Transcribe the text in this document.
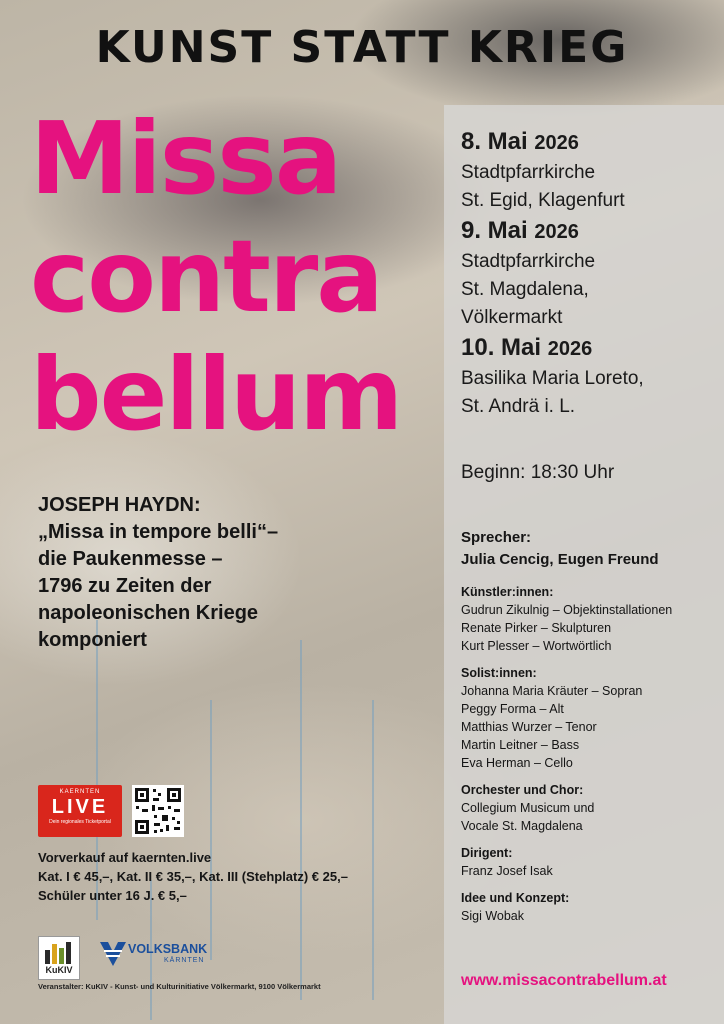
KUNST STATT KRIEG
Missa
contra
bellum
JOSEPH HAYDN:
„Missa in tempore belli“–
die Paukenmesse –
1796 zu Zeiten der
napoleonischen Kriege
komponiert
8. Mai 2026
Stadtpfarrkirche
St. Egid, Klagenfurt
9. Mai 2026
Stadtpfarrkirche
St. Magdalena,
Völkermarkt
10. Mai 2026
Basilika Maria Loreto,
St. Andrä i. L.
Beginn: 18:30 Uhr
Sprecher:
Julia Cencig, Eugen Freund
Künstler:innen:
Gudrun Zikulnig – Objektinstallationen
Renate Pirker – Skulpturen
Kurt Plesser – Wortwörtlich
Solist:innen:
Johanna Maria Kräuter – Sopran
Peggy Forma – Alt
Matthias Wurzer – Tenor
Martin Leitner – Bass
Eva Herman – Cello
Orchester und Chor:
Collegium Musicum und
Vocale St. Magdalena
Dirigent:
Franz Josef Isak
Idee und Konzept:
Sigi Wobak
www.missacontrabellum.at
KAERNTEN
LIVE
Dein regionales Ticketportal
Vorverkauf auf kaernten.live
Kat. I € 45,–, Kat. II € 35,–, Kat. III (Stehplatz) € 25,–
Schüler unter 16 J. € 5,–
KuKIV
VOLKSBANK
KÄRNTEN
Veranstalter: KuKIV - Kunst- und Kulturinitiative Völkermarkt, 9100 Völkermarkt
